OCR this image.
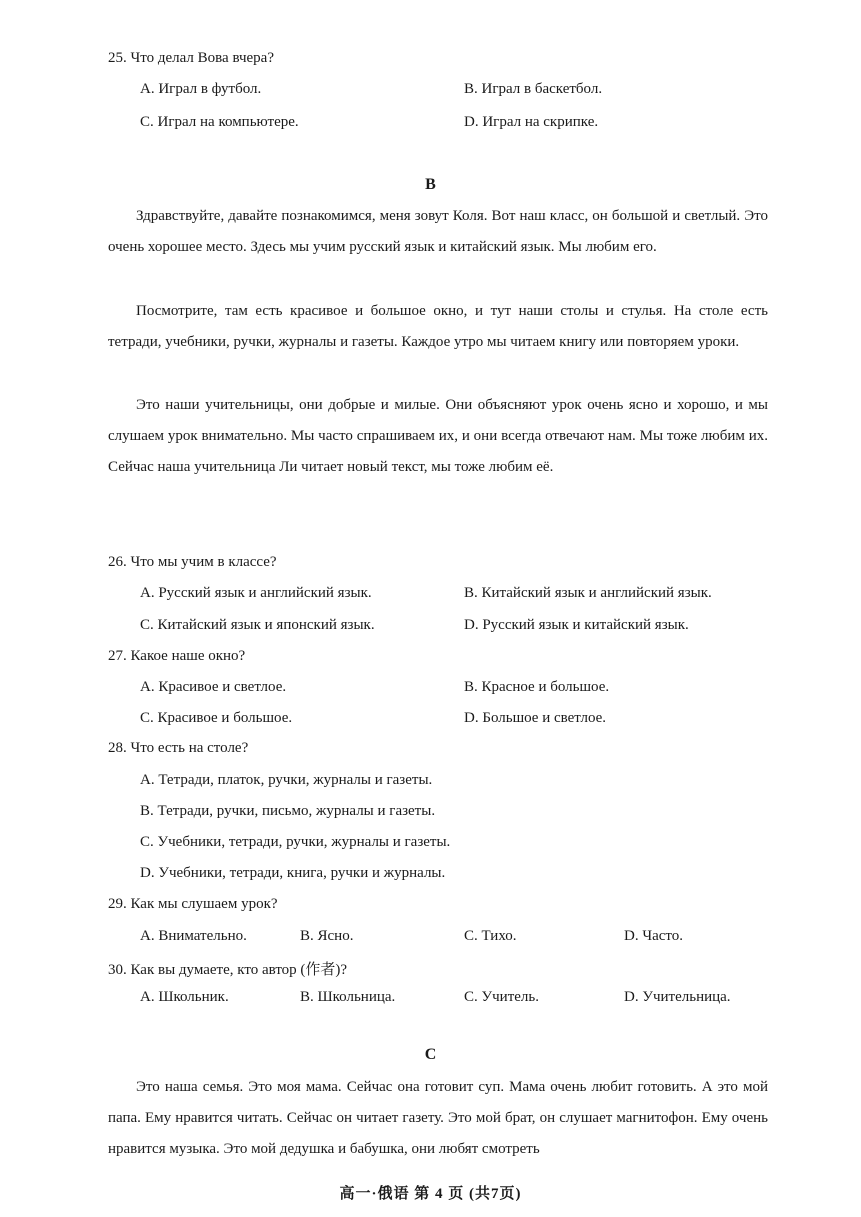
25. Что делал Вова вчера?
A. Играл в футбол.	B. Играл в баскетбол.
C. Играл на компьютере.	D. Играл на скрипке.
B
Здравствуйте, давайте познакомимся, меня зовут Коля. Вот наш класс, он большой и светлый. Это очень хорошее место. Здесь мы учим русский язык и китайский язык. Мы любим его.
Посмотрите, там есть красивое и большое окно, и тут наши столы и стулья. На столе есть тетради, учебники, ручки, журналы и газеты. Каждое утро мы читаем книгу или повторяем уроки.
Это наши учительницы, они добрые и милые. Они объясняют урок очень ясно и хорошо, и мы слушаем урок внимательно. Мы часто спрашиваем их, и они всегда отвечают нам. Мы тоже любим их. Сейчас наша учительница Ли читает новый текст, мы тоже любим её.
26. Что мы учим в классе?
A. Русский язык и английский язык.	B. Китайский язык и английский язык.
C. Китайский язык и японский язык.	D. Русский язык и китайский язык.
27. Какое наше окно?
A. Красивое и светлое.	B. Красное и большое.
C. Красивое и большое.	D. Большое и светлое.
28. Что есть на столе?
A. Тетради, платок, ручки, журналы и газеты.
B. Тетради, ручки, письмо, журналы и газеты.
C. Учебники, тетради, ручки, журналы и газеты.
D. Учебники, тетради, книга, ручки и журналы.
29. Как мы слушаем урок?
A. Внимательно.	B. Ясно.	C. Тихо.	D. Часто.
30. Как вы думаете, кто автор (作者)?
A. Школьник.	B. Школьница.	C. Учитель.	D. Учительница.
C
Это наша семья. Это моя мама. Сейчас она готовит суп. Мама очень любит готовить. А это мой папа. Ему нравится читать. Сейчас он читает газету. Это мой брат, он слушает магнитофон. Ему очень нравится музыка. Это мой дедушка и бабушка, они любят смотреть
高一·俄语 第 4 页 (共7页)
